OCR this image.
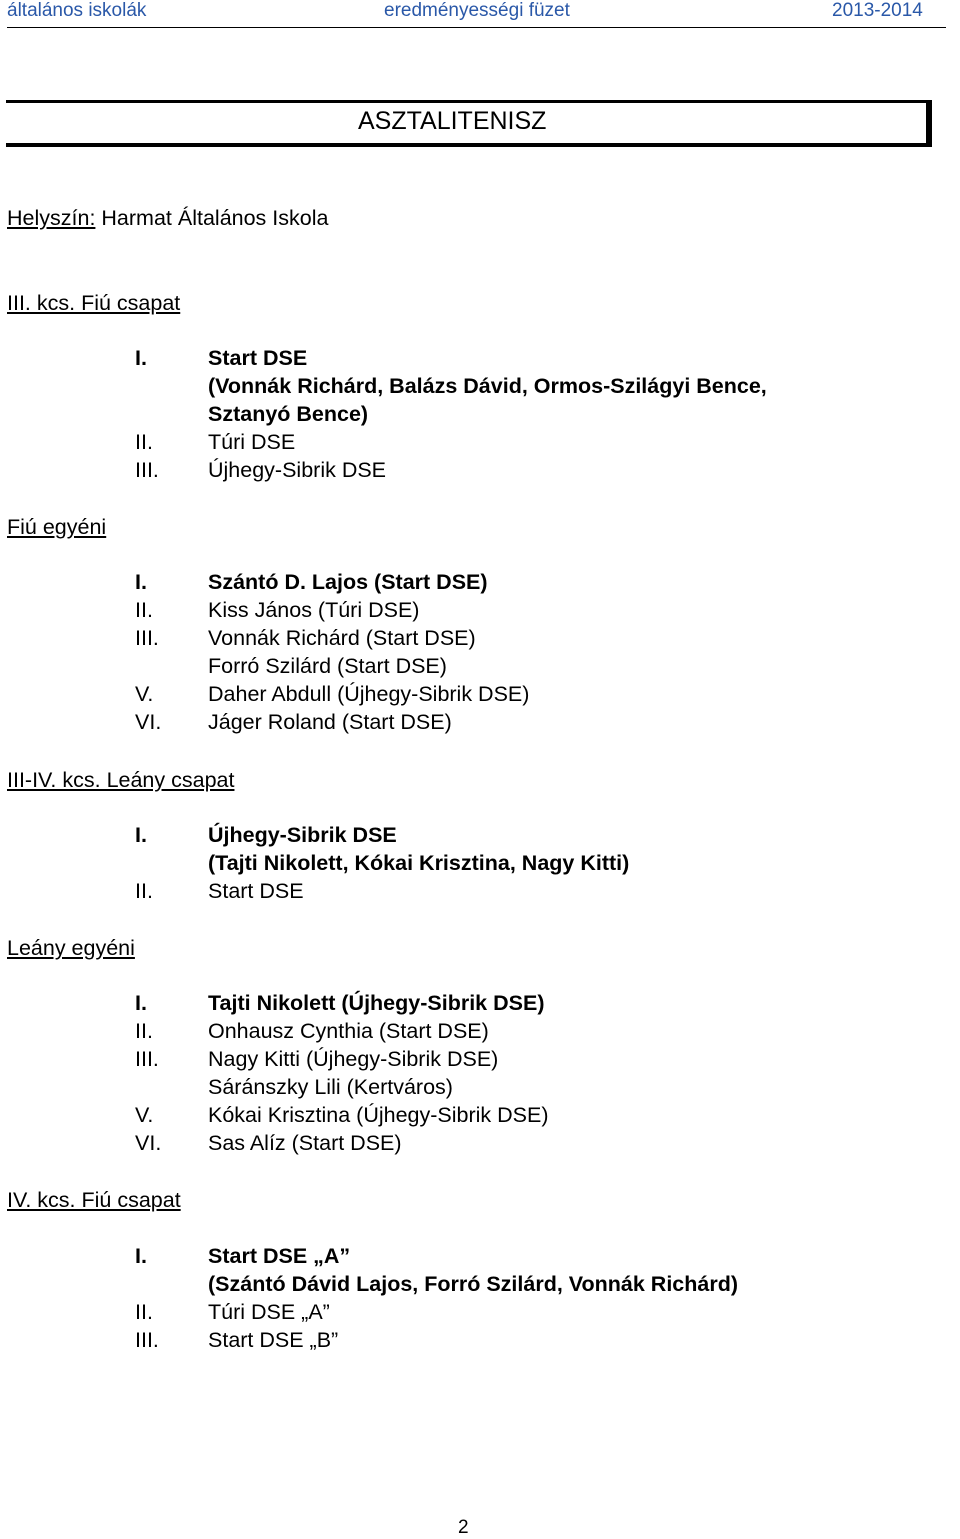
általános iskolák	eredményességi füzet	2013-2014
ASZTALITENISZ
Helyszín: Harmat Általános Iskola
III. kcs. Fiú csapat
I.	Start DSE
(Vonnák Richárd, Balázs Dávid, Ormos-Szilágyi Bence,
Sztanyó Bence)
II.	Túri DSE
III. Újhegy-Sibrik DSE
Fiú egyéni
I.	Szántó D. Lajos (Start DSE)
II.	Kiss János (Túri DSE)
III. Vonnák Richárd (Start DSE)
Forró Szilárd (Start DSE)
V.	Daher Abdull (Újhegy-Sibrik DSE)
VI. Jáger Roland (Start DSE)
III-IV. kcs. Leány csapat
I.	Újhegy-Sibrik DSE
(Tajti Nikolett, Kókai Krisztina, Nagy Kitti)
II.	Start DSE
Leány egyéni
I.	Tajti Nikolett (Újhegy-Sibrik DSE)
II.	Onhausz Cynthia (Start DSE)
III. Nagy Kitti (Újhegy-Sibrik DSE)
Sáránszky Lili (Kertváros)
V.	Kókai Krisztina (Újhegy-Sibrik DSE)
VI. Sas Alíz (Start DSE)
IV. kcs. Fiú csapat
I.	Start DSE „A”
(Szántó Dávid Lajos, Forró Szilárd, Vonnák Richárd)
II.	Túri DSE „A”
III. Start DSE „B”
2
